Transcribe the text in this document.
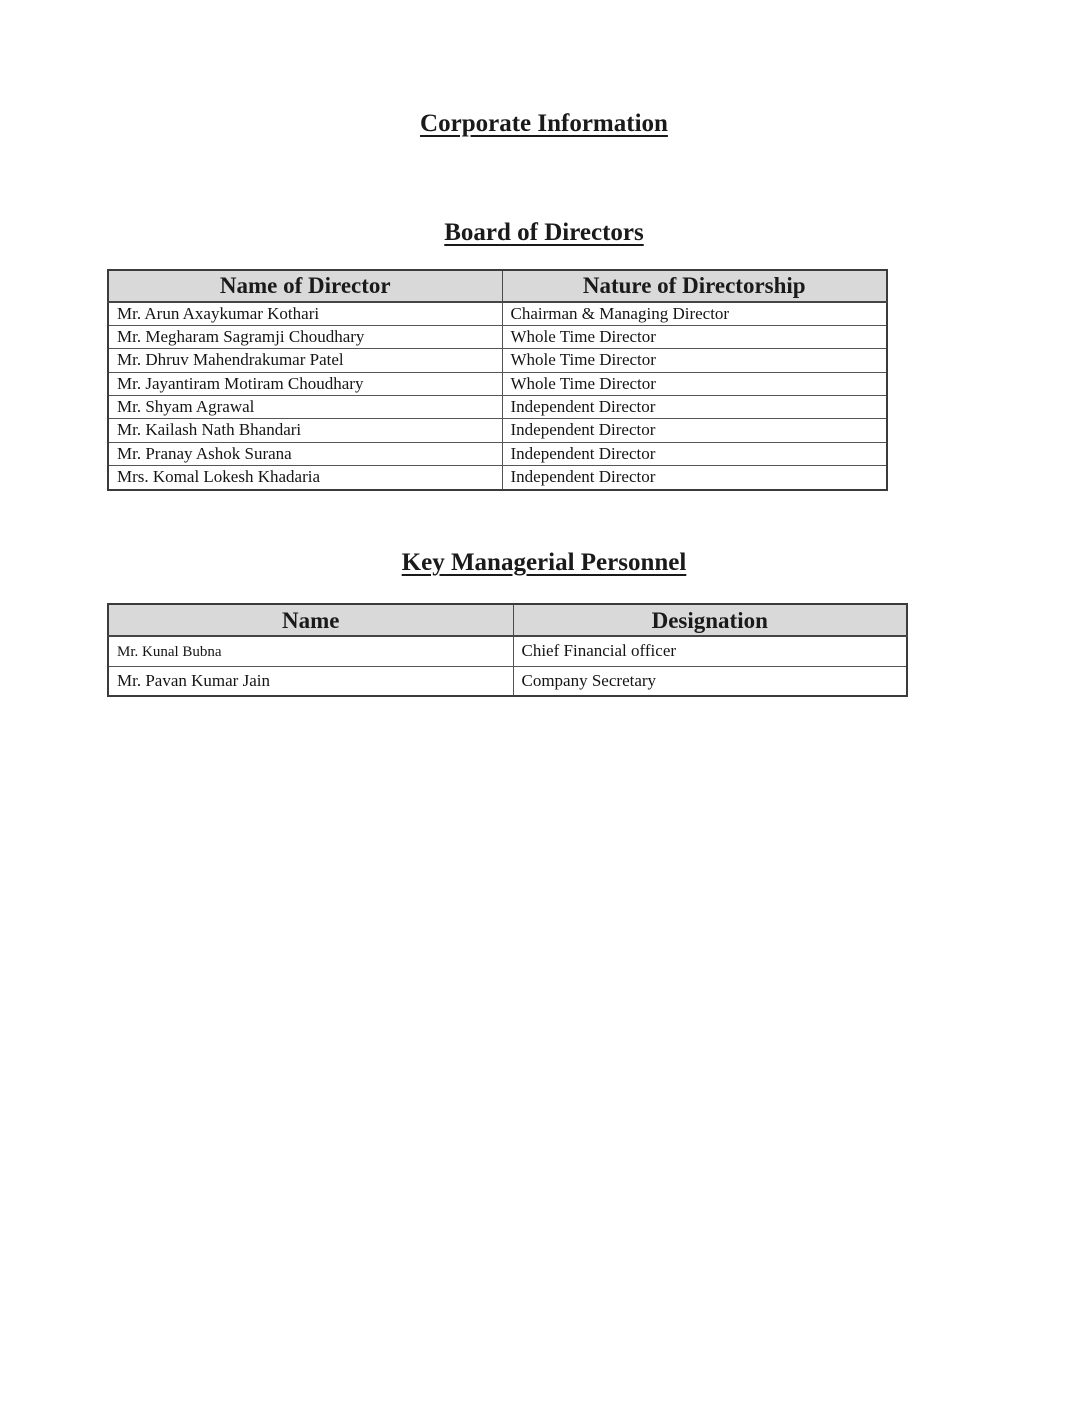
Corporate Information
Board of Directors
Name of Director	Nature of Directorship
Mr. Arun Axaykumar Kothari	Chairman & Managing Director
Mr. Megharam Sagramji Choudhary	Whole Time Director
Mr. Dhruv Mahendrakumar Patel	Whole Time Director
Mr. Jayantiram Motiram Choudhary	Whole Time Director
Mr. Shyam Agrawal	Independent Director
Mr. Kailash Nath Bhandari	Independent Director
Mr. Pranay Ashok Surana	Independent Director
Mrs. Komal Lokesh Khadaria	Independent Director
Key Managerial Personnel
Name	Designation
Mr. Kunal Bubna	Chief Financial officer
Mr. Pavan Kumar Jain	Company Secretary
